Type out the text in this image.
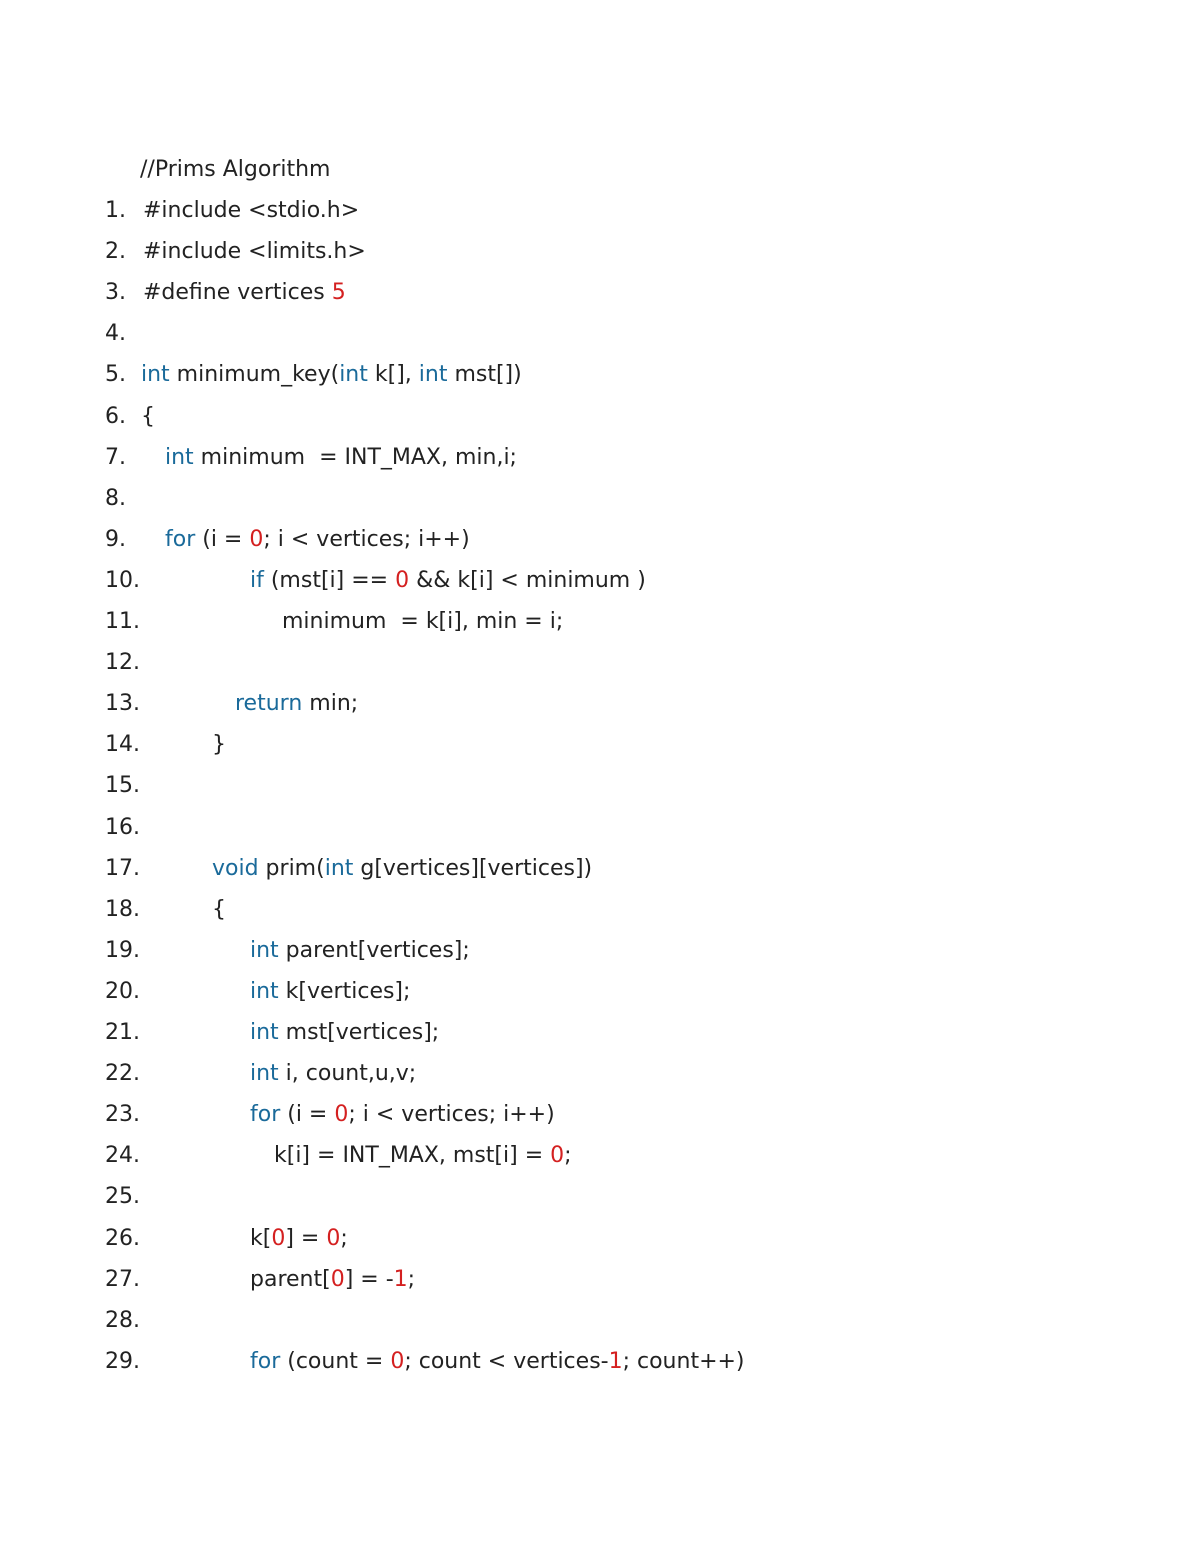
//Prims Algorithm

1. #include <stdio.h>
2. #include <limits.h>
3. #define vertices 5
4.
5. int minimum_key(int k[], int mst[])
6. {
7. int minimum  = INT_MAX, min,i;
8.
9. for (i = 0; i < vertices; i++)
10.	if (mst[i] == 0 && k[i] < minimum )
11.	minimum  = k[i], min = i;
12.
13.	return min;
14.	}
15.
16.
17.	void prim(int g[vertices][vertices])
18.	{
19.	int parent[vertices];
20.	int k[vertices];
21.	int mst[vertices];
22.	int i, count,u,v;
23.	for (i = 0; i < vertices; i++)
24.	k[i] = INT_MAX, mst[i] = 0;
25.
26.	k[0] = 0;
27.	parent[0] = -1;
28.
29.	for (count = 0; count < vertices-1; count++)
